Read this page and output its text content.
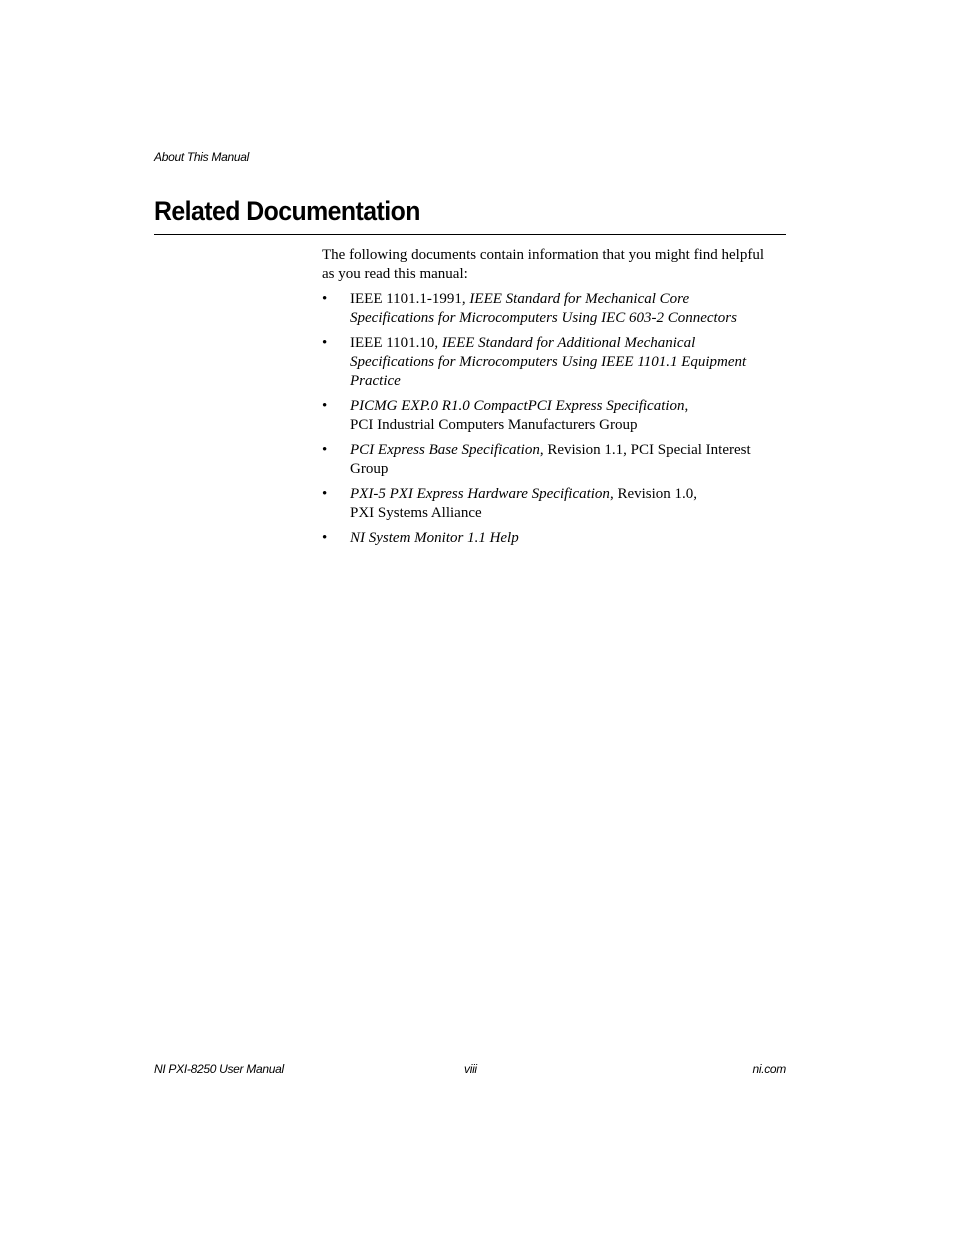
About This Manual
Related Documentation

The following documents contain information that you might find helpful
as you read this manual:

• IEEE 1101.1-1991, IEEE Standard for Mechanical Core
Specifications for Microcomputers Using IEC 603-2 Connectors
• IEEE 1101.10, IEEE Standard for Additional Mechanical
Specifications for Microcomputers Using IEEE 1101.1 Equipment
Practice
• PICMG EXP.0 R1.0 CompactPCI Express Specification,
PCI Industrial Computers Manufacturers Group
• PCI Express Base Specification, Revision 1.1, PCI Special Interest
Group
• PXI-5 PXI Express Hardware Specification, Revision 1.0,
PXI Systems Alliance
• NI System Monitor 1.1 Help
NI PXI-8250 User Manual	viii	ni.com
